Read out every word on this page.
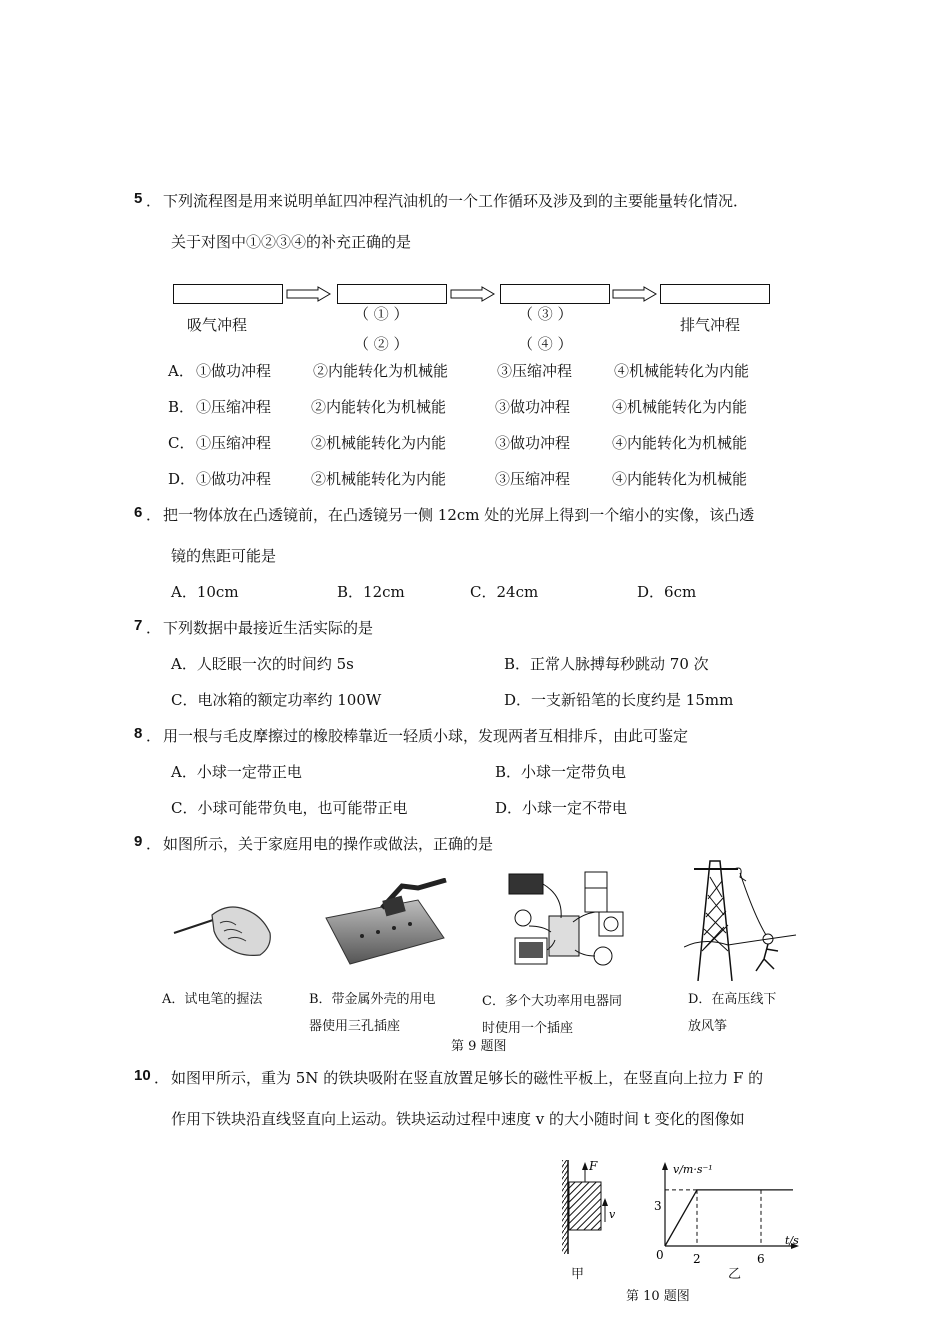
5 ． 下列流程图是用来说明单缸四冲程汽油机的一个工作循环及涉及到的主要能量转化情况．
关于对图中①②③④的补充正确的是
吸气冲程
（ ① ）
（ ② ）
（ ③ ）
（ ④ ）
排气冲程
A． ①做功冲程	②内能转化为机械能	③压缩冲程	④机械能转化为内能
B． ①压缩冲程	②内能转化为机械能	③做功冲程	④机械能转化为内能
C． ①压缩冲程	②机械能转化为内能	③做功冲程	④内能转化为机械能
D． ①做功冲程	②机械能转化为内能	③压缩冲程	④内能转化为机械能
6 ． 把一物体放在凸透镜前，在凸透镜另一侧 12cm 处的光屏上得到一个缩小的实像，该凸透
镜的焦距可能是
A．10cm	B．12cm	C．24cm	D．6cm
7 ． 下列数据中最接近生活实际的是
A．人眨眼一次的时间约 5s	B．正常人脉搏每秒跳动 70 次
C．电冰箱的额定功率约 100W	D．一支新铅笔的长度约是 15mm
8 ． 用一根与毛皮摩擦过的橡胶棒靠近一轻质小球，发现两者互相排斥，由此可鉴定
A．小球一定带正电	B．小球一定带负电
C．小球可能带负电，也可能带正电	D．小球一定不带电
9 ． 如图所示，关于家庭用电的操作或做法，正确的是
A．试电笔的握法	B．带金属外壳的用电
器使用三孔插座
C．多个大功率用电器同
时使用一个插座
D．在高压线下
放风筝
第 9 题图
10 ． 如图甲所示，重为 5N 的铁块吸附在竖直放置足够长的磁性平板上，在竖直向上拉力 F 的
作用下铁块沿直线竖直向上运动。铁块运动过程中速度 v 的大小随时间 t 变化的图像如
F
v
甲
v/m·s⁻¹
t/s
3
0 2	6
乙
第 10 题图
